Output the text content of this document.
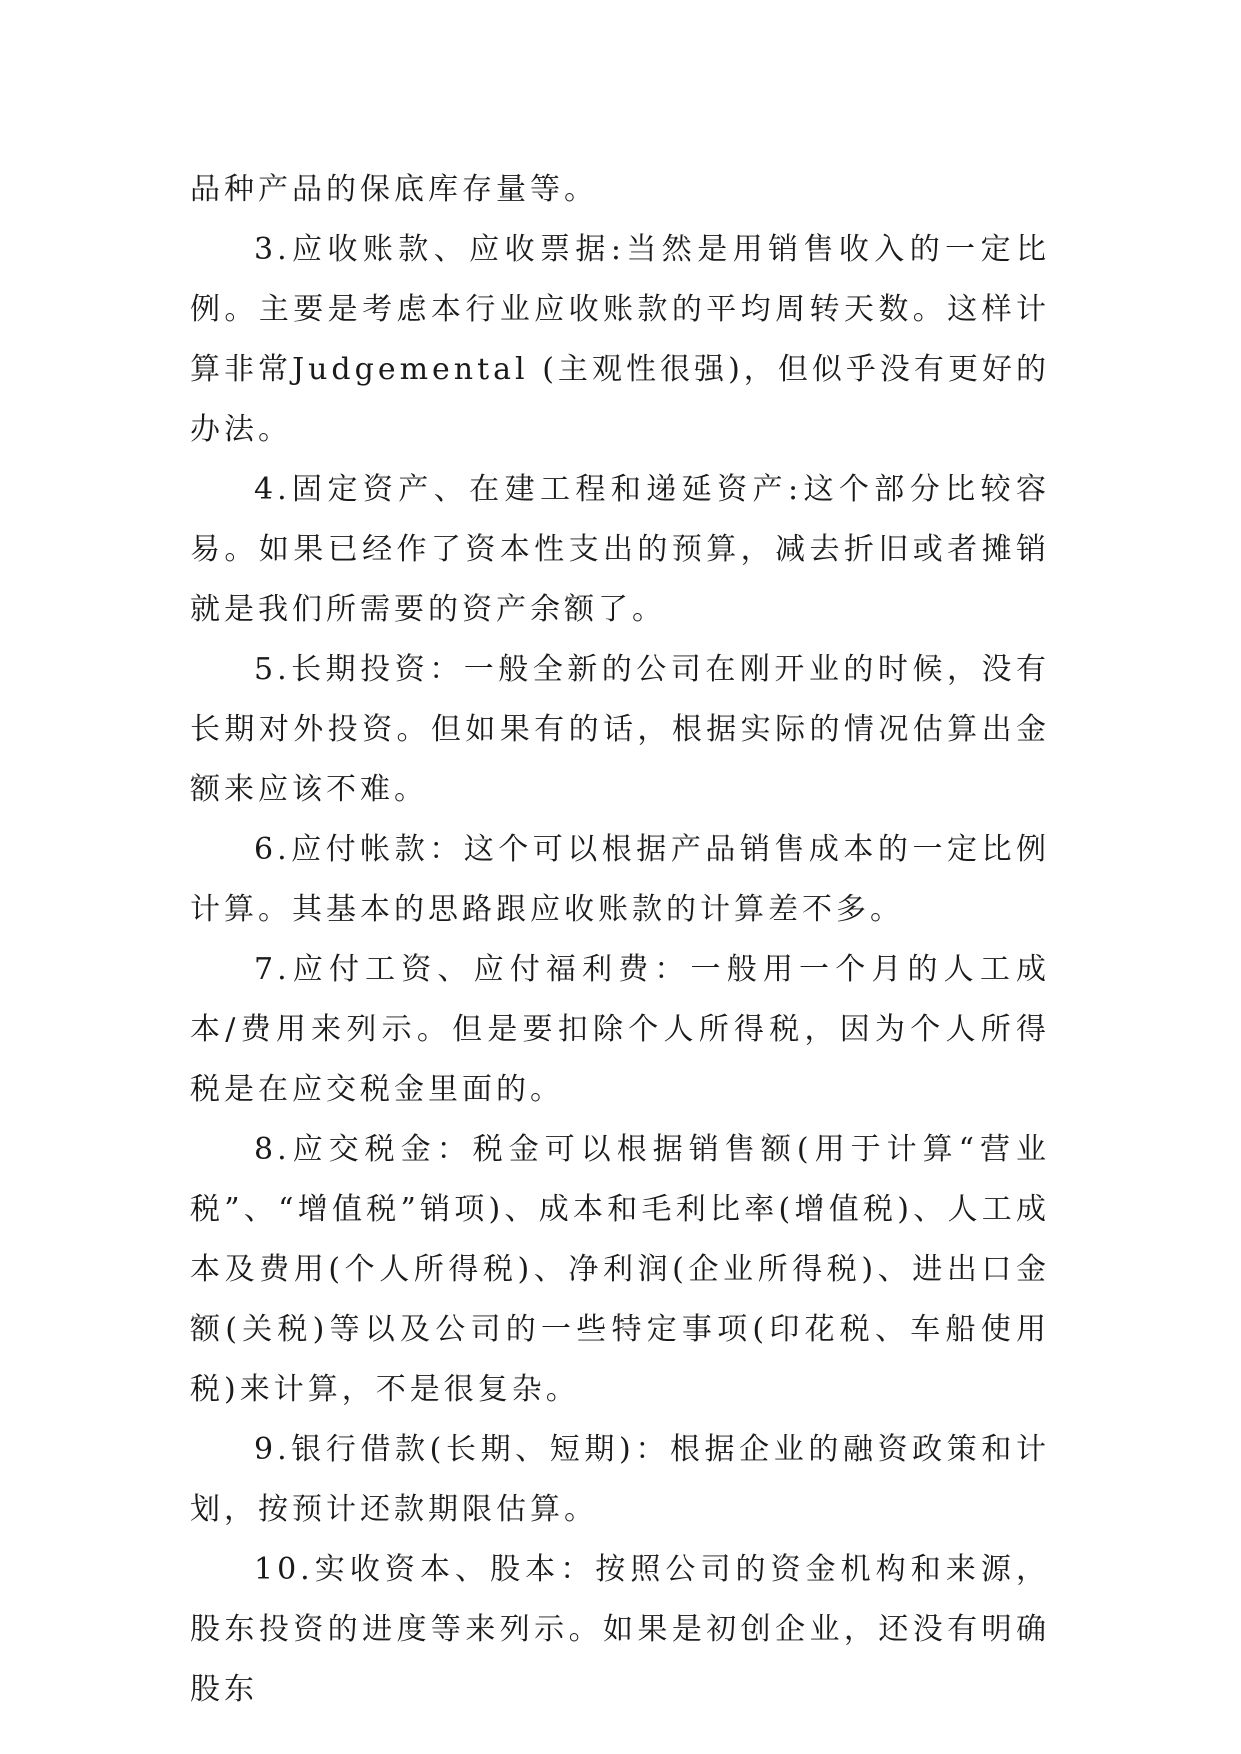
品种产品的保底库存量等。

3.应收账款、应收票据:当然是用销售收入的一定比例。主要是考虑本行业应收账款的平均周转天数。这样计算非常Judgemental (主观性很强)，但似乎没有更好的办法。

4.固定资产、在建工程和递延资产:这个部分比较容易。如果已经作了资本性支出的预算，减去折旧或者摊销就是我们所需要的资产余额了。

5.长期投资：一般全新的公司在刚开业的时候，没有长期对外投资。但如果有的话，根据实际的情况估算出金额来应该不难。

6.应付帐款：这个可以根据产品销售成本的一定比例计算。其基本的思路跟应收账款的计算差不多。

7.应付工资、应付福利费：一般用一个月的人工成本/费用来列示。但是要扣除个人所得税，因为个人所得税是在应交税金里面的。

8.应交税金：税金可以根据销售额(用于计算“营业税”、“增值税”销项)、成本和毛利比率(增值税)、人工成本及费用(个人所得税)、净利润(企业所得税)、进出口金额(关税)等以及公司的一些特定事项(印花税、车船使用税)来计算，不是很复杂。

9.银行借款(长期、短期)：根据企业的融资政策和计划，按预计还款期限估算。

10.实收资本、股本：按照公司的资金机构和来源，股东投资的进度等来列示。如果是初创企业，还没有明确股东
